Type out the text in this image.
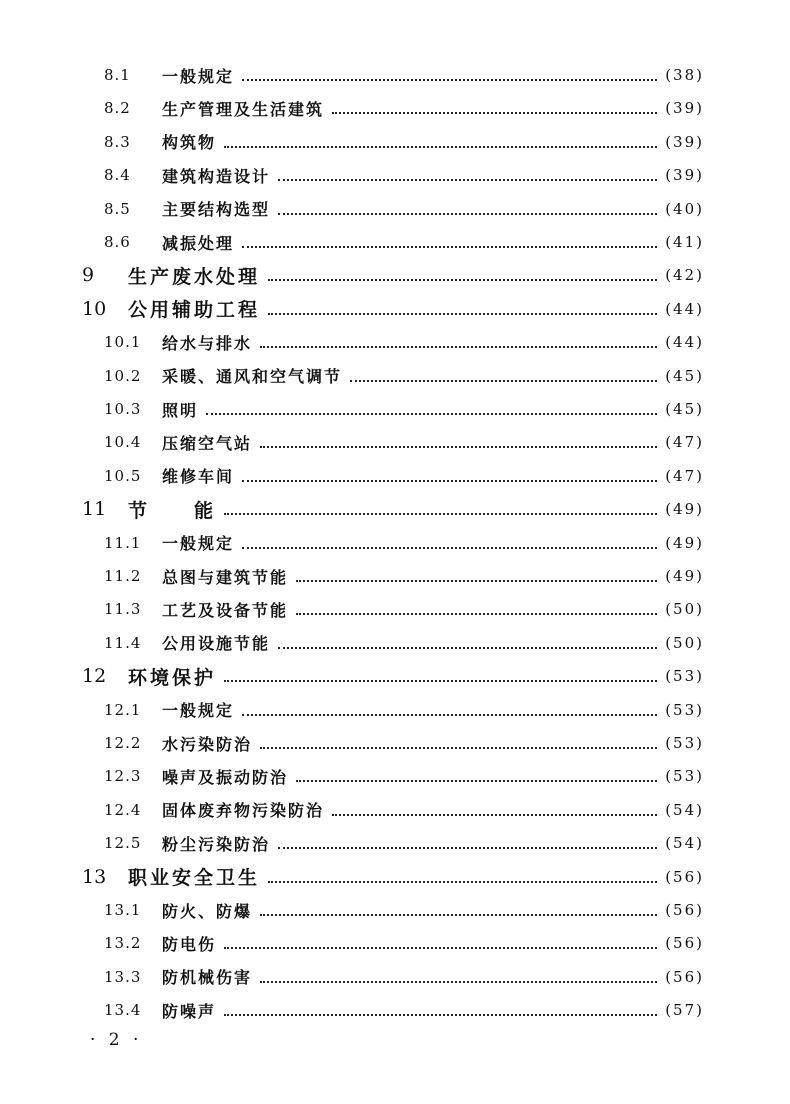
8.1 一般规定	(38)
8.2 生产管理及生活建筑	(39)
8.3 构筑物	(39)
8.4 建筑构造设计	(39)
8.5 主要结构选型	(40)
8.6 减振处理	(41)
9 生产废水处理	(42)
10 公用辅助工程	(44)
10.1 给水与排水	(44)
10.2 采暖、通风和空气调节	(45)
10.3 照明	(45)
10.4 压缩空气站	(47)
10.5 维修车间	(47)
11 节　　能	(49)
11.1 一般规定	(49)
11.2 总图与建筑节能	(49)
11.3 工艺及设备节能	(50)
11.4 公用设施节能	(50)
12 环境保护	(53)
12.1 一般规定	(53)
12.2 水污染防治	(53)
12.3 噪声及振动防治	(53)
12.4 固体废弃物污染防治	(54)
12.5 粉尘污染防治	(54)
13 职业安全卫生	(56)
13.1 防火、防爆	(56)
13.2 防电伤	(56)
13.3 防机械伤害	(56)
13.4 防噪声	(57)
· 2 ·
